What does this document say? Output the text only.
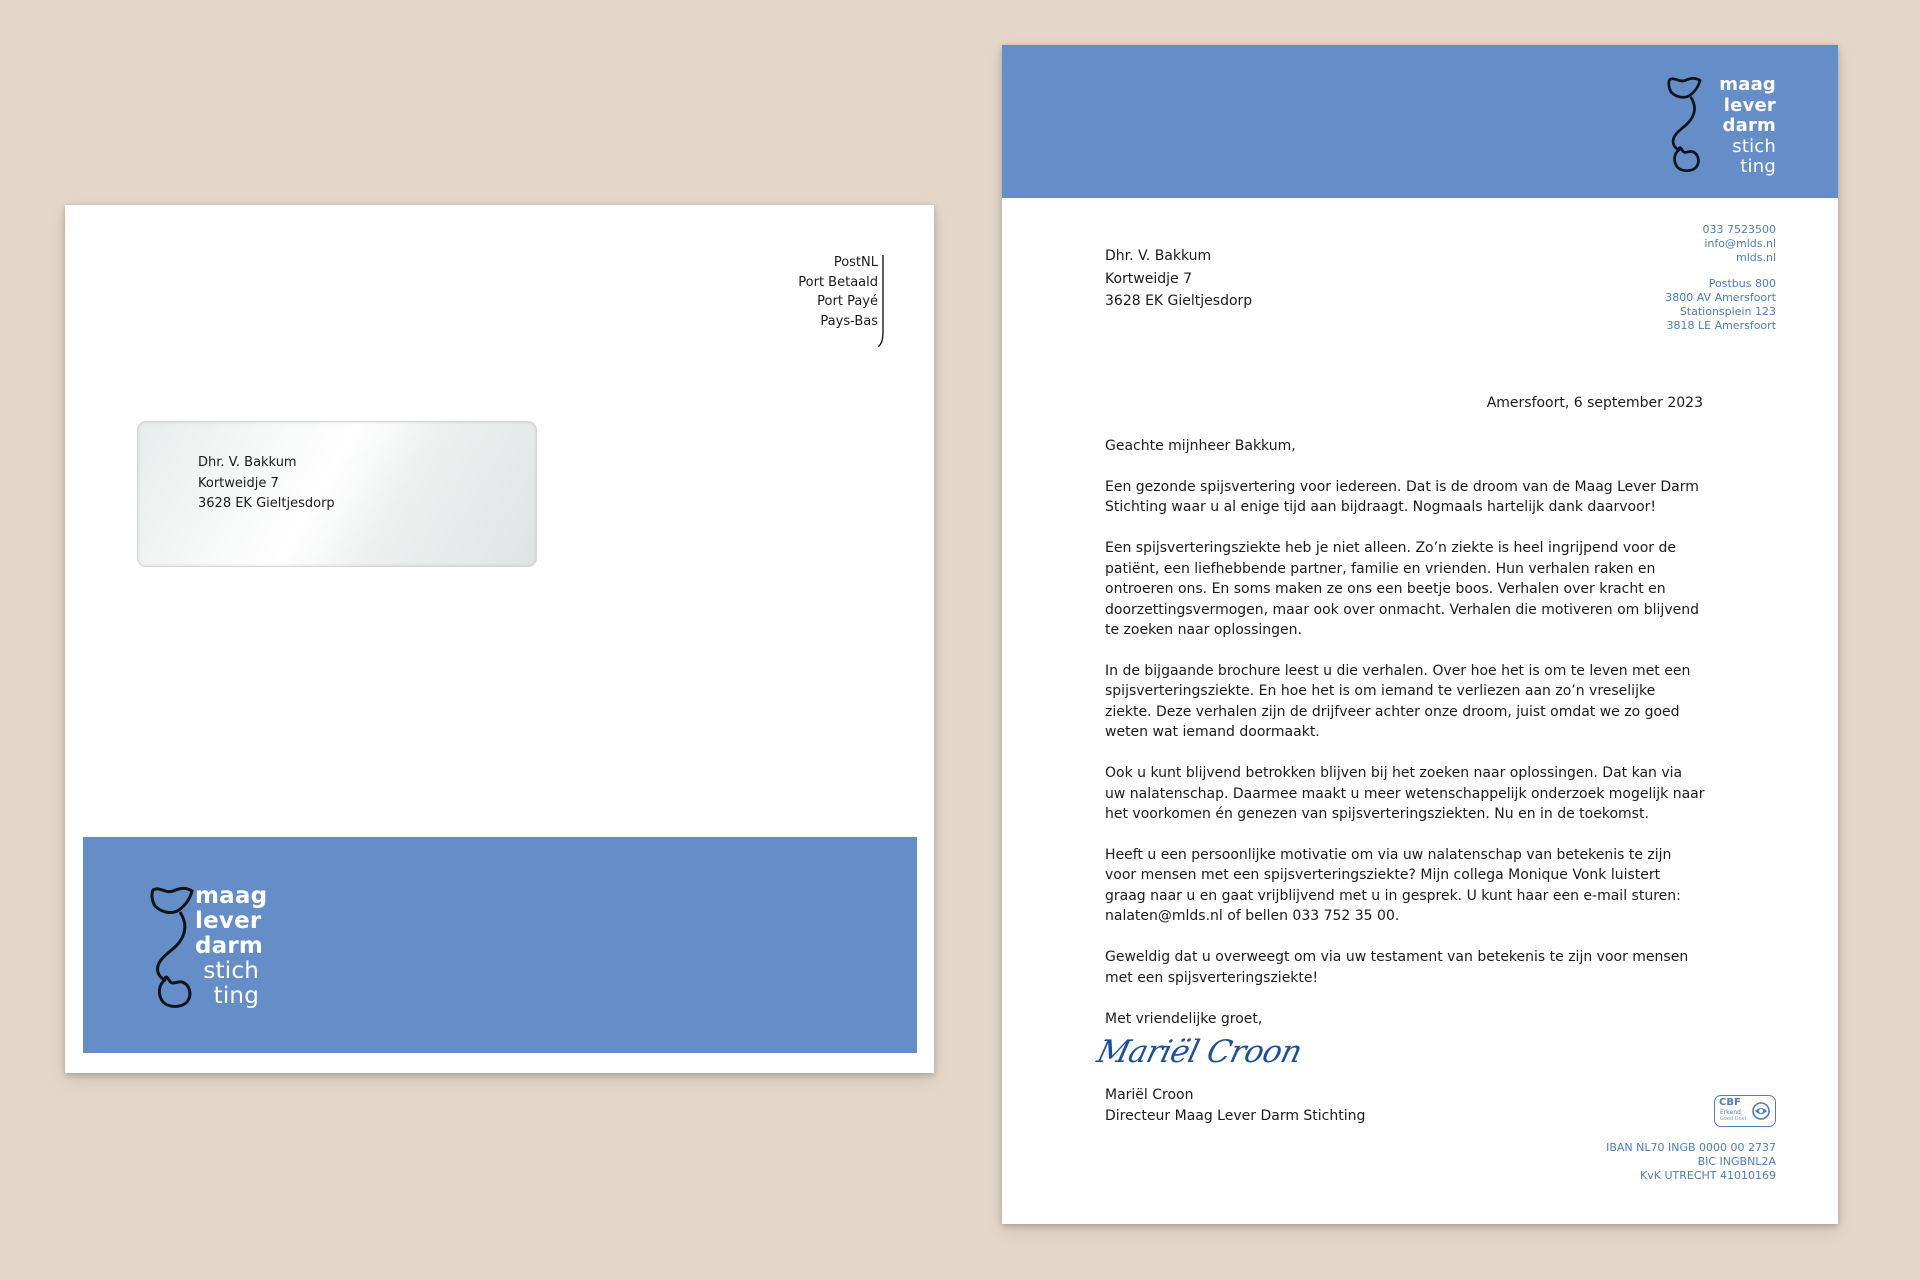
PostNL
Port Betaald
Port Payé
Pays-Bas
Dhr. V. Bakkum
Kortweidje 7
3628 EK Gieltjesdorp
maag
lever
darm
stich
ting
maag
lever
darm
stich
ting
Dhr. V. Bakkum
Kortweidje 7
3628 EK Gieltjesdorp
033 7523500
info@mlds.nl
mlds.nl
Postbus 800
3800 AV Amersfoort
Stationsplein 123
3818 LE Amersfoort
Amersfoort, 6 september 2023

Geachte mijnheer Bakkum,

Een gezonde spijsvertering voor iedereen. Dat is de droom van de Maag Lever Darm Stichting waar u al enige tijd aan bijdraagt. Nogmaals hartelijk dank daarvoor!

Een spijsverteringsziekte heb je niet alleen. Zo’n ziekte is heel ingrijpend voor de patiënt, een liefhebbende partner, familie en vrienden. Hun verhalen raken en ontroeren ons. En soms maken ze ons een beetje boos. Verhalen over kracht en doorzettingsvermogen, maar ook over onmacht. Verhalen die motiveren om blijvend te zoeken naar oplossingen.

In de bijgaande brochure leest u die verhalen. Over hoe het is om te leven met een spijsverteringsziekte. En hoe het is om iemand te verliezen aan zo’n vreselijke ziekte. Deze verhalen zijn de drijfveer achter onze droom, juist omdat we zo goed weten wat iemand doormaakt.

Ook u kunt blijvend betrokken blijven bij het zoeken naar oplossingen. Dat kan via uw nalatenschap. Daarmee maakt u meer wetenschappelijk onderzoek mogelijk naar het voorkomen én genezen van spijsverteringsziekten. Nu en in de toekomst.

Heeft u een persoonlijke motivatie om via uw nalatenschap van betekenis te zijn voor mensen met een spijsverteringsziekte? Mijn collega Monique Vonk luistert graag naar u en gaat vrijblijvend met u in gesprek. U kunt haar een e-mail sturen: nalaten@mlds.nl of bellen 033 752 35 00.

Geweldig dat u overweegt om via uw testament van betekenis te zijn voor mensen met een spijsverteringsziekte!

Met vriendelijke groet,

Mariël Croon
Mariël Croon
Directeur Maag Lever Darm Stichting
CBF
Erkend
Goed Doel
IBAN NL70 INGB 0000 00 2737
BIC INGBNL2A
KvK UTRECHT 41010169
